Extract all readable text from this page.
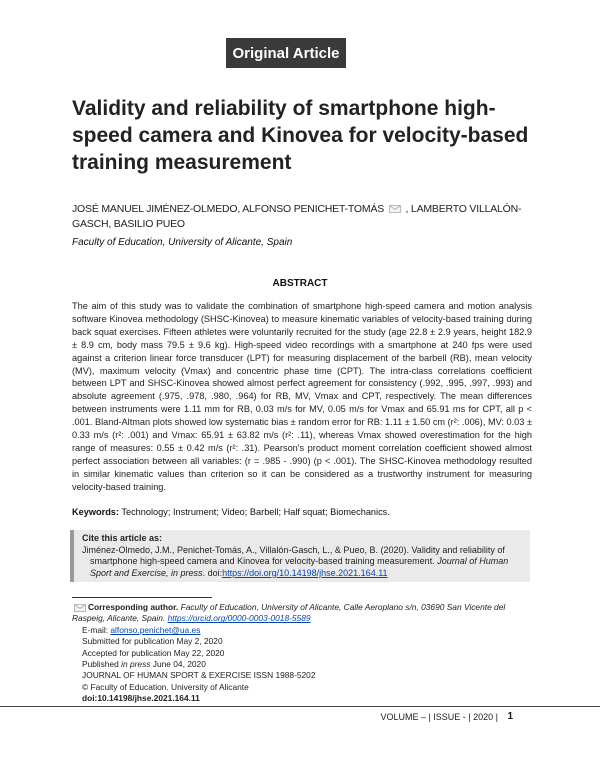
Original Article
Validity and reliability of smartphone high-speed camera and Kinovea for velocity-based training measurement
JOSÉ MANUEL JIMÉNEZ-OLMEDO, ALFONSO PENICHET-TOMÁS , LAMBERTO VILLALÓN-GASCH, BASILIO PUEO
Faculty of Education, University of Alicante, Spain
ABSTRACT

The aim of this study was to validate the combination of smartphone high-speed camera and motion analysis software Kinovea methodology (SHSC-Kinovea) to measure kinematic variables of velocity-based training during back squat exercises. Fifteen athletes were voluntarily recruited for the study (age 22.8 ± 2.9 years, height 182.9 ± 8.9 cm, body mass 79.5 ± 9.6 kg). High-speed video recordings with a smartphone at 240 fps were used against a criterion linear force transducer (LPT) for measuring displacement of the barbell (RB), mean velocity (MV), maximum velocity (Vmax) and concentric phase time (CPT). The intra-class correlations coefficient between LPT and SHSC-Kinovea showed almost perfect agreement for consistency (.992, .995, .997, .993) and absolute agreement (.975, .978, .980, .964) for RB, MV, Vmax and CPT, respectively. The mean differences between instruments were 1.11 mm for RB, 0.03 m/s for MV, 0.05 m/s for Vmax and 65.91 ms for CPT, all p < .001. Bland-Altman plots showed low systematic bias ± random error for RB: 1.11 ± 1.50 cm (r²: .006), MV: 0.03 ± 0.33 m/s (r²: .001) and Vmax: 65.91 ± 63.82 m/s (r²: .11), whereas Vmax showed overestimation for the high range of measures: 0.55 ± 0.42 m/s (r²: .31). Pearson's product moment correlation coefficient showed almost perfect association between all variables: (r = .985 - .990) (p < .001). The SHSC-Kinovea methodology resulted in similar kinematic values than criterion so it can be considered as a trustworthy instrument for measuring velocity-based training.

Keywords: Technology; Instrument; Video; Barbell; Half squat; Biomechanics.
Cite this article as:
Jiménez-Olmedo, J.M., Penichet-Tomás, A., Villalón-Gasch, L., & Pueo, B. (2020). Validity and reliability of smartphone high-speed camera and Kinovea for velocity-based training measurement. Journal of Human Sport and Exercise, in press. doi:https://doi.org/10.14198/jhse.2021.164.11
Corresponding author. Faculty of Education, University of Alicante, Calle Aeroplano s/n, 03690 San Vicente del Raspeig, Alicante, Spain. https://orcid.org/0000-0003-0018-5589
E-mail: alfonso.penichet@ua.es
Submitted for publication May 2, 2020
Accepted for publication May 22, 2020
Published in press June 04, 2020
JOURNAL OF HUMAN SPORT & EXERCISE ISSN 1988-5202
© Faculty of Education. University of Alicante
doi:10.14198/jhse.2021.164.11
VOLUME – | ISSUE - | 2020 | 1
